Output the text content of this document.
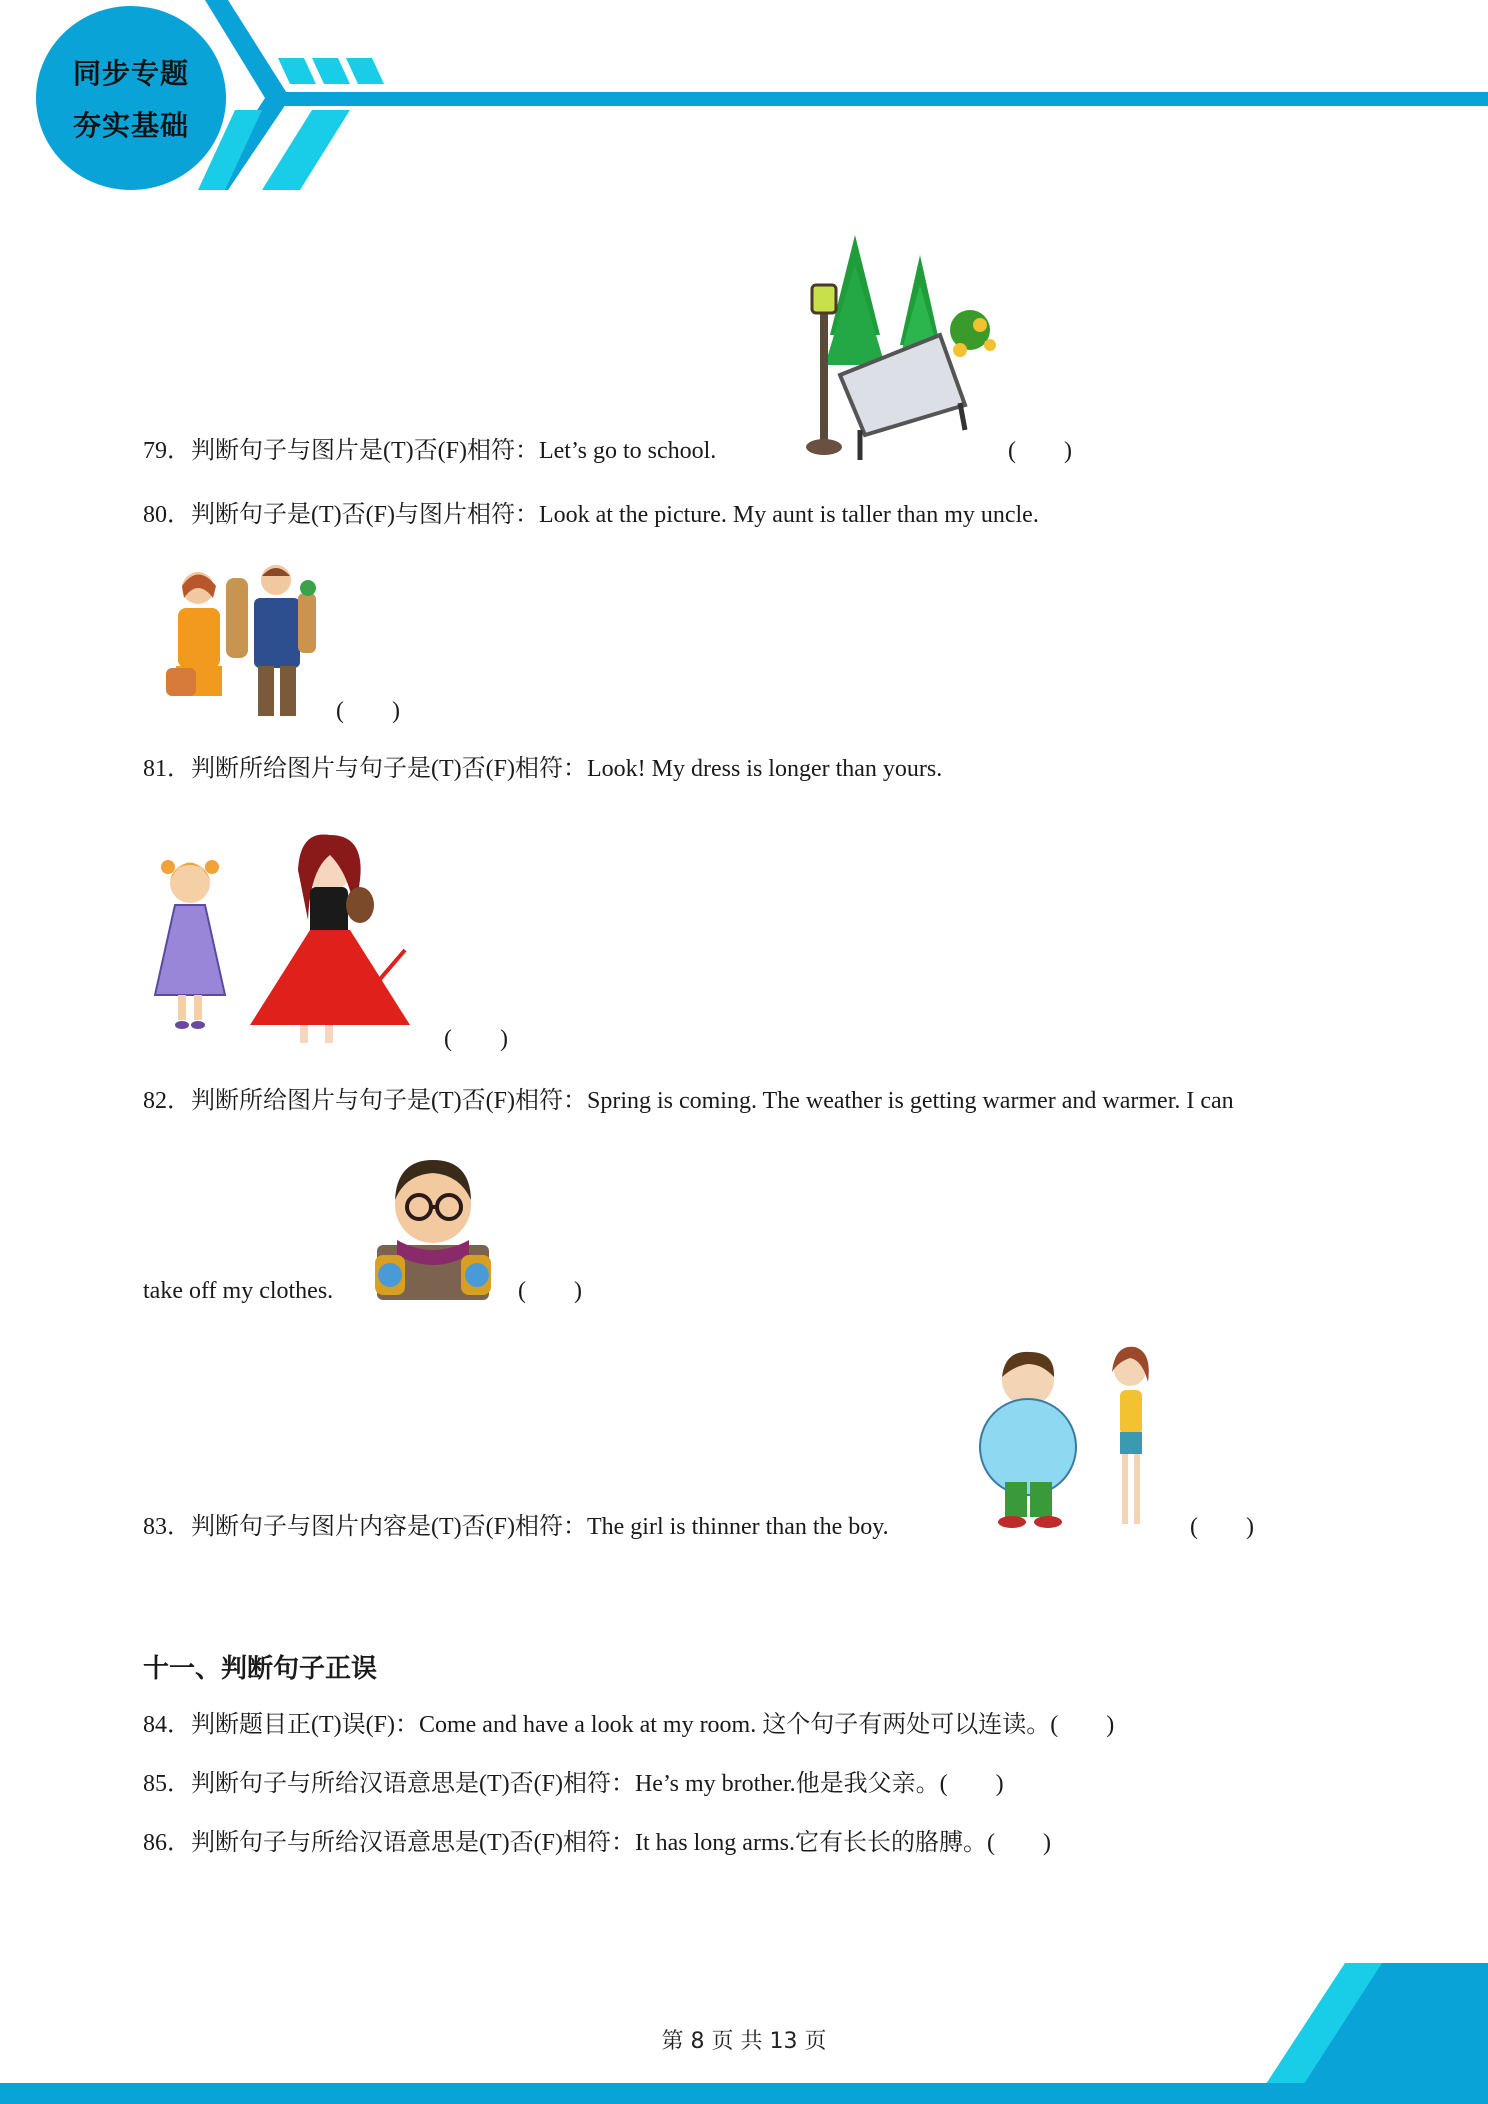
同步专题
夯实基础
79．判断句子与图片是(T)否(F)相符：Let’s go to school.	(　　)
80．判断句子是(T)否(F)与图片相符：Look at the picture. My aunt is taller than my uncle.
(　　)
81．判断所给图片与句子是(T)否(F)相符：Look! My dress is longer than yours.
(　　)
82．判断所给图片与句子是(T)否(F)相符：Spring is coming. The weather is getting warmer and warmer. I can
take off my clothes.	(　　)
83．判断句子与图片内容是(T)否(F)相符：The girl is thinner than the boy.	(　　)
十一、判断句子正误
84．判断题目正(T)误(F)：Come and have a look at my room. 这个句子有两处可以连读。(　　)
85．判断句子与所给汉语意思是(T)否(F)相符：He’s my brother.他是我父亲。(　　)
86．判断句子与所给汉语意思是(T)否(F)相符：It has long arms.它有长长的胳膊。(　　)
第 8 页 共 13 页
